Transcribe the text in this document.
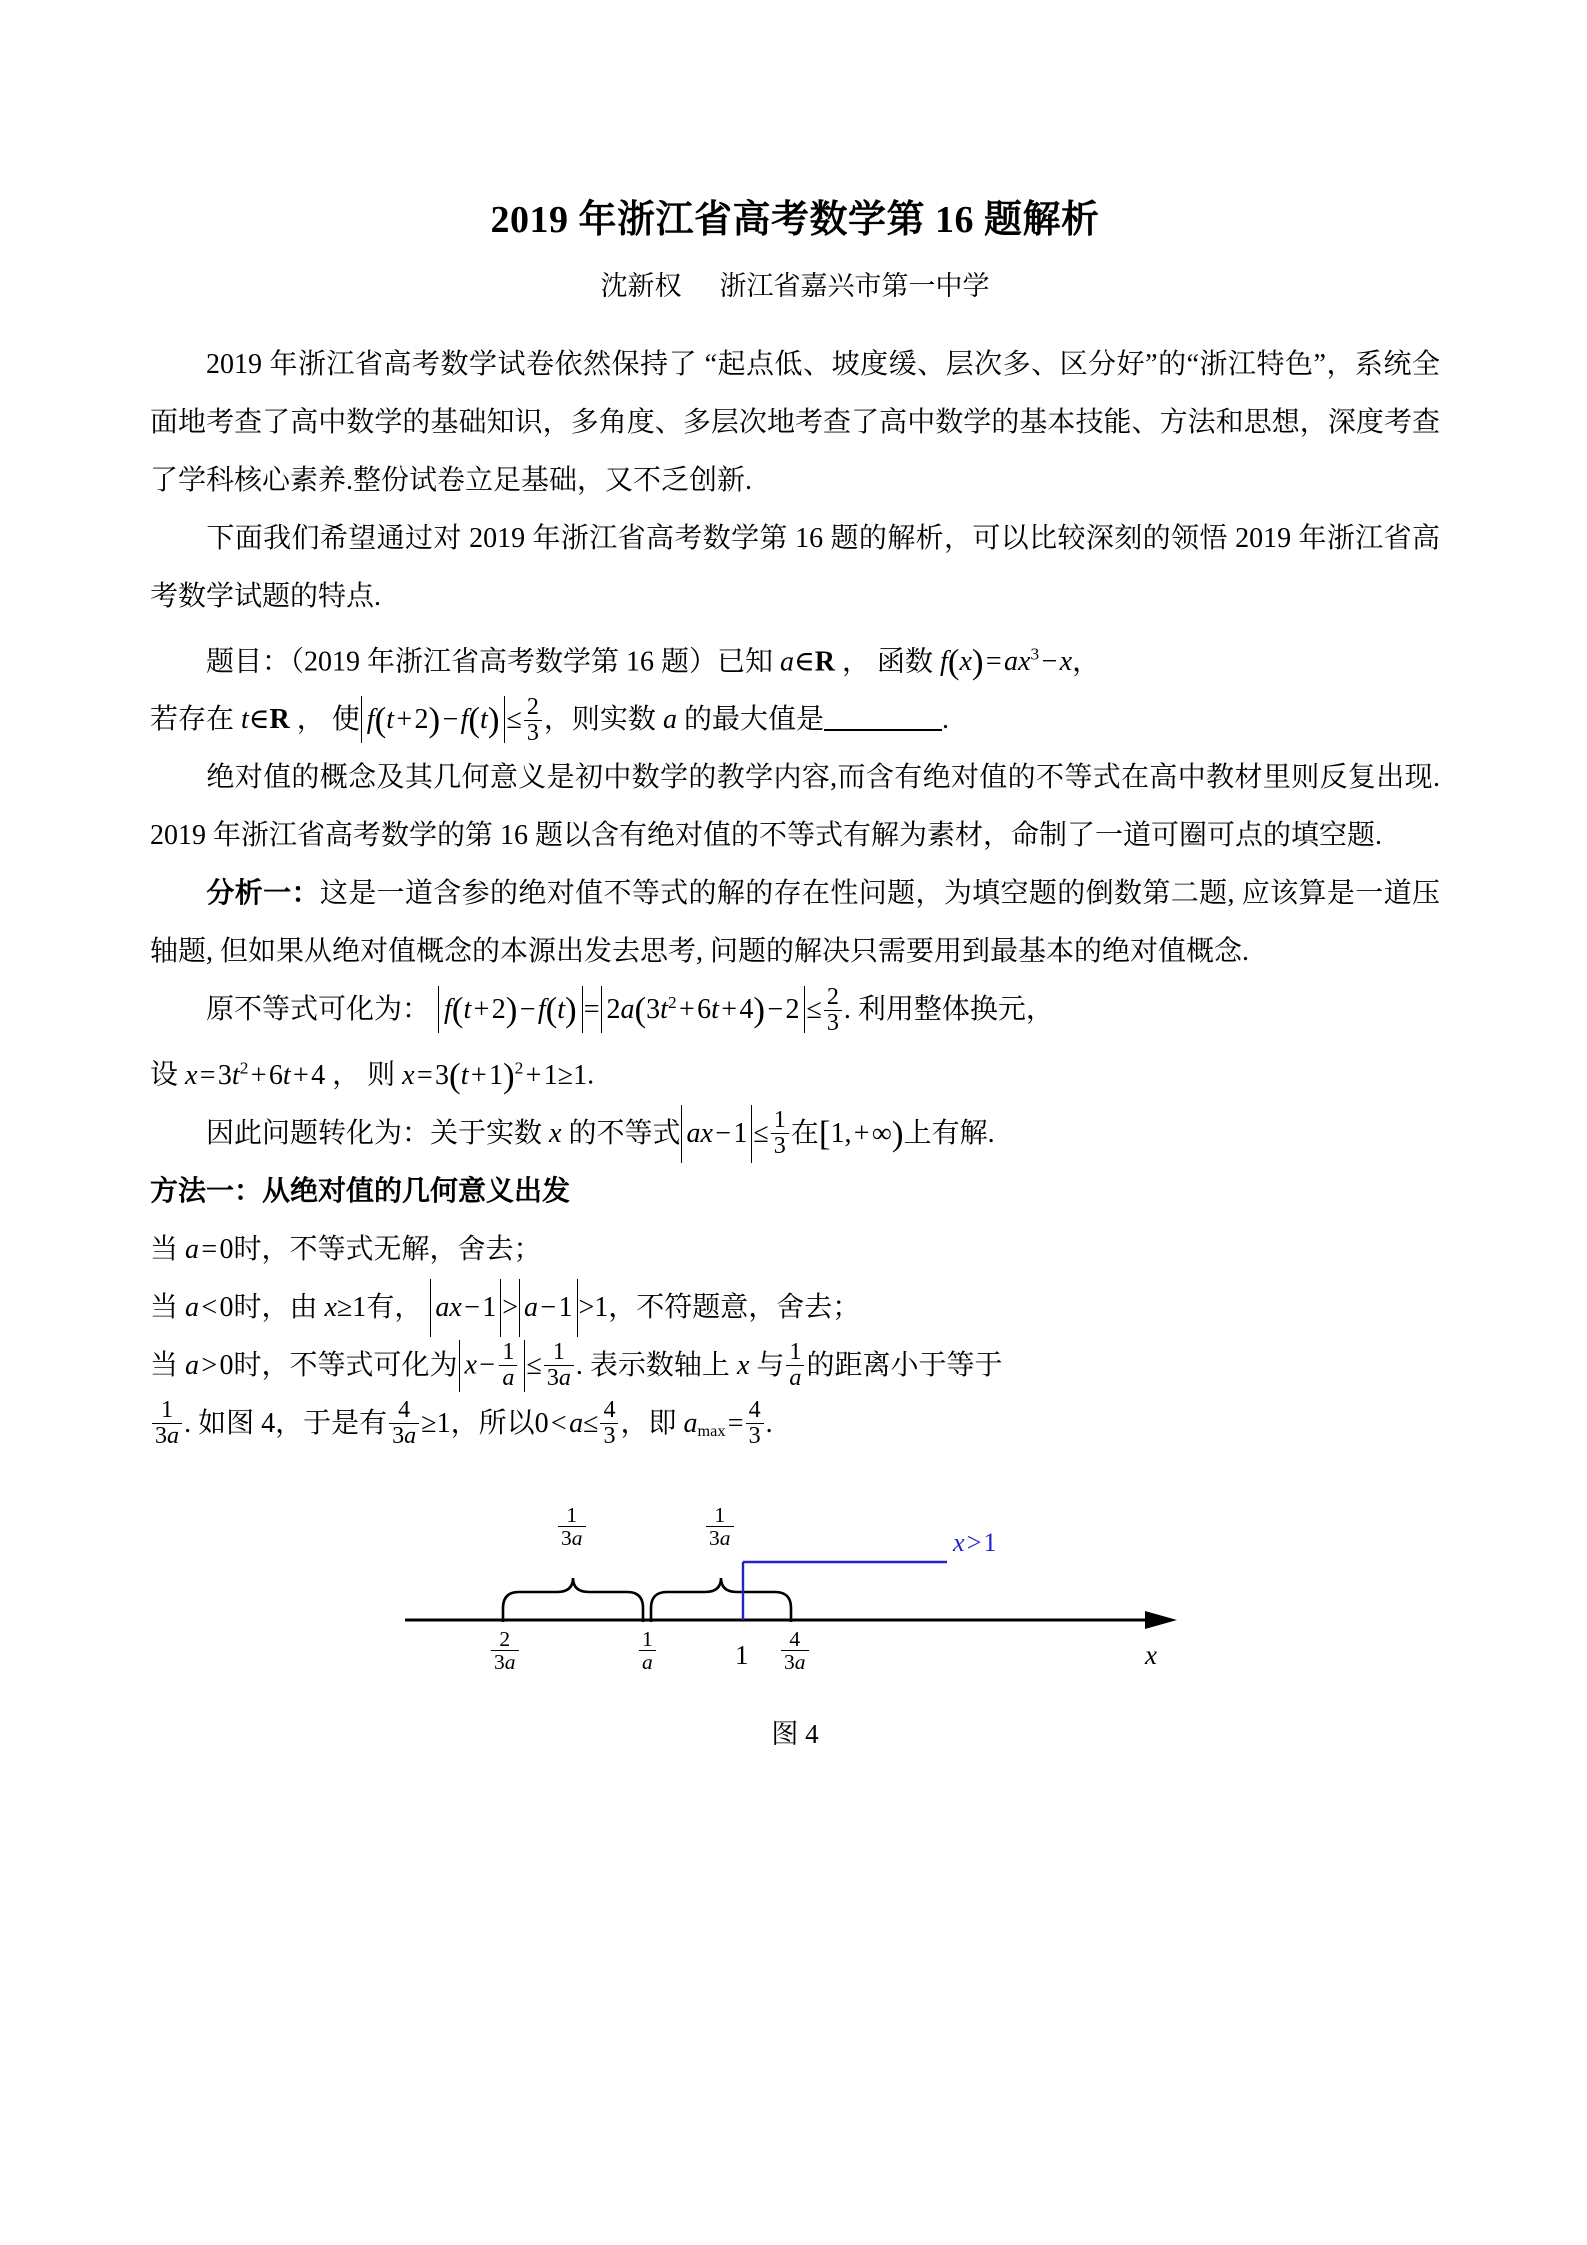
2019 年浙江省高考数学第 16 题解析
沈新权 浙江省嘉兴市第一中学

2019 年浙江省高考数学试卷依然保持了 “起点低、坡度缓、层次多、区分好”的“浙江特色”，系统全面地考查了高中数学的基础知识，多角度、多层次地考查了高中数学的基本技能、方法和思想，深度考查了学科核心素养.整份试卷立足基础，又不乏创新.

下面我们希望通过对 2019 年浙江省高考数学第 16 题的解析，可以比较深刻的领悟 2019 年浙江省高考数学试题的特点.

题目：（2019 年浙江省高考数学第 16 题）已知 a∈R ， 函数 f(x) = $ax^3$ − x，

若存在 t∈R ， 使 f(t + 2) − $f(t) \le \frac{2}{3}$ ，则实数 a 的最大值是	.

绝对值的概念及其几何意义是初中数学的教学内容,而含有绝对值的不等式在高中教材里则反复出现. 2019 年浙江省高考数学的第 16 题以含有绝对值的不等式有解为素材，命制了一道可圈可点的填空题.

分析一：这是一道含参的绝对值不等式的解的存在性问题，为填空题的倒数第二题, 应该算是一道压轴题, 但如果从绝对值概念的本源出发去思考, 问题的解决只需要用到最基本的绝对值概念.

原不等式可化为： f(t + 2) − $f(t) = 2a(3t^2$ + 6t + 4) − $2 \le \frac{2}{3}$ . 利用整体换元，

设 x = $3t^2$ + 6t + 4 ， 则 x = 3(t + 1)$^2$ + 1≥1.

因此问题转化为：关于实数 x 的不等式 ax − $1 \le \frac{1}{3}$ 在[1, + ∞)上有解.

方法一：从绝对值的几何意义出发

当 a = 0时，不等式无解，舍去；

当 a < 0时，由 x≥1有， ax − 1 > a − 1 >1，不符题意，舍去；

当 a > 0时，不等式可化为 x −  $\frac{1}{a} \le \frac{1}{3a}$ . 表示数轴上 x 与 $\frac{1}{a}$ 的距离小于等于

$\frac{1}{3a}$ . 如图 4，于是有 $\frac{4}{3a} \ge 1$，所以0 < $a\le \frac{4}{3}$ ，即 $a_{max}$ = $\frac{4}{3}$ .

$\frac{1}{3a}$	$\frac{1}{3a}$	x > 1
$\frac{2}{3a}$	$\frac{1}{a}$	$1 \frac{4}{3a}$	x
图 4
